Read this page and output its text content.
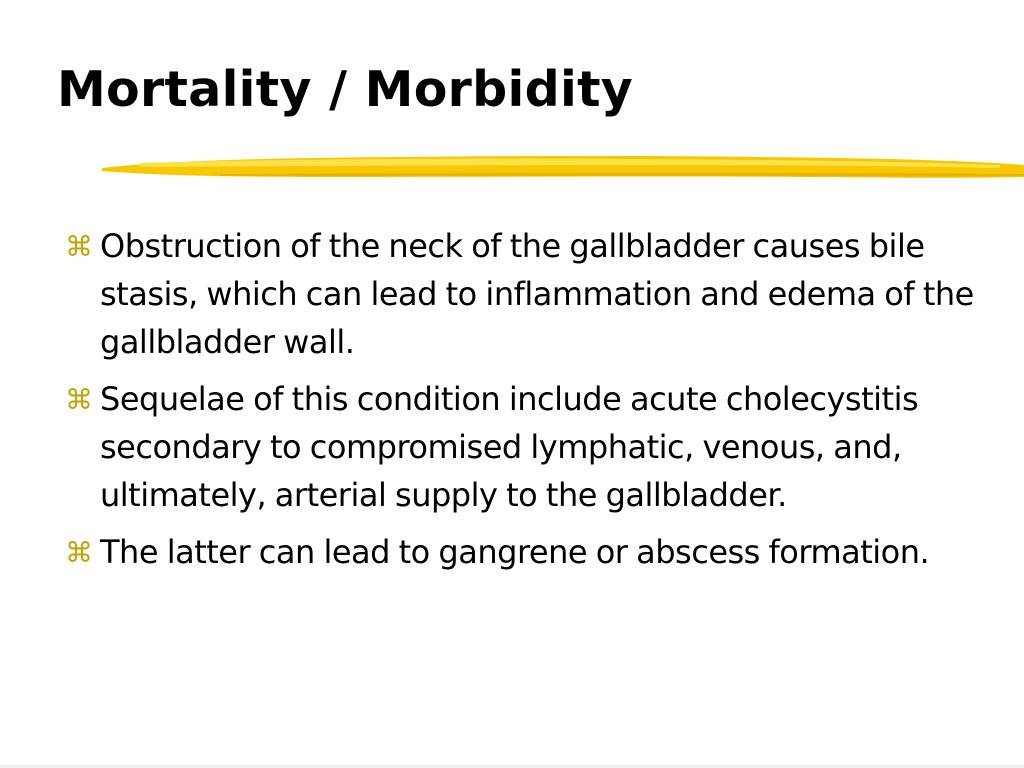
Mortality / Morbidity
⌘ Obstruction of the neck of the gallbladder causes bile stasis, which can lead to inflammation and edema of the gallbladder wall.
⌘ Sequelae of this condition include acute cholecystitis secondary to compromised lymphatic, venous, and, ultimately, arterial supply to the gallbladder.
⌘ The latter can lead to gangrene or abscess formation.
